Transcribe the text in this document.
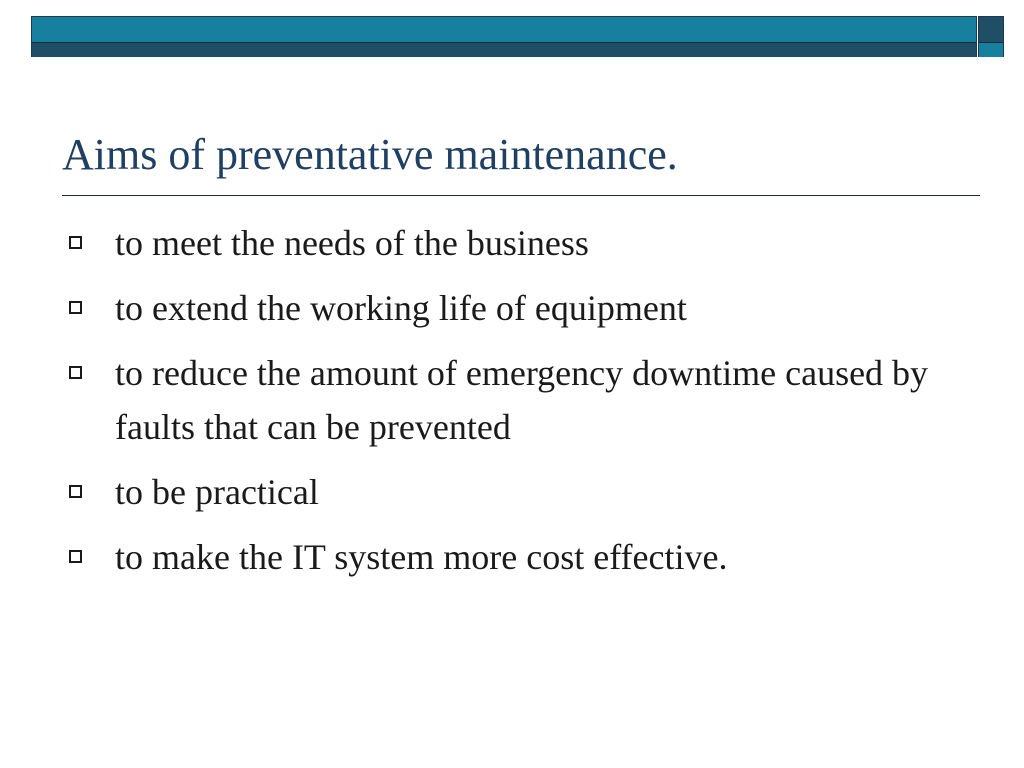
Aims of preventative maintenance.
to meet the needs of the business
to extend the working life of equipment
to reduce the amount of emergency downtime caused by faults that can be prevented
to be practical
to make the IT system more cost effective.
